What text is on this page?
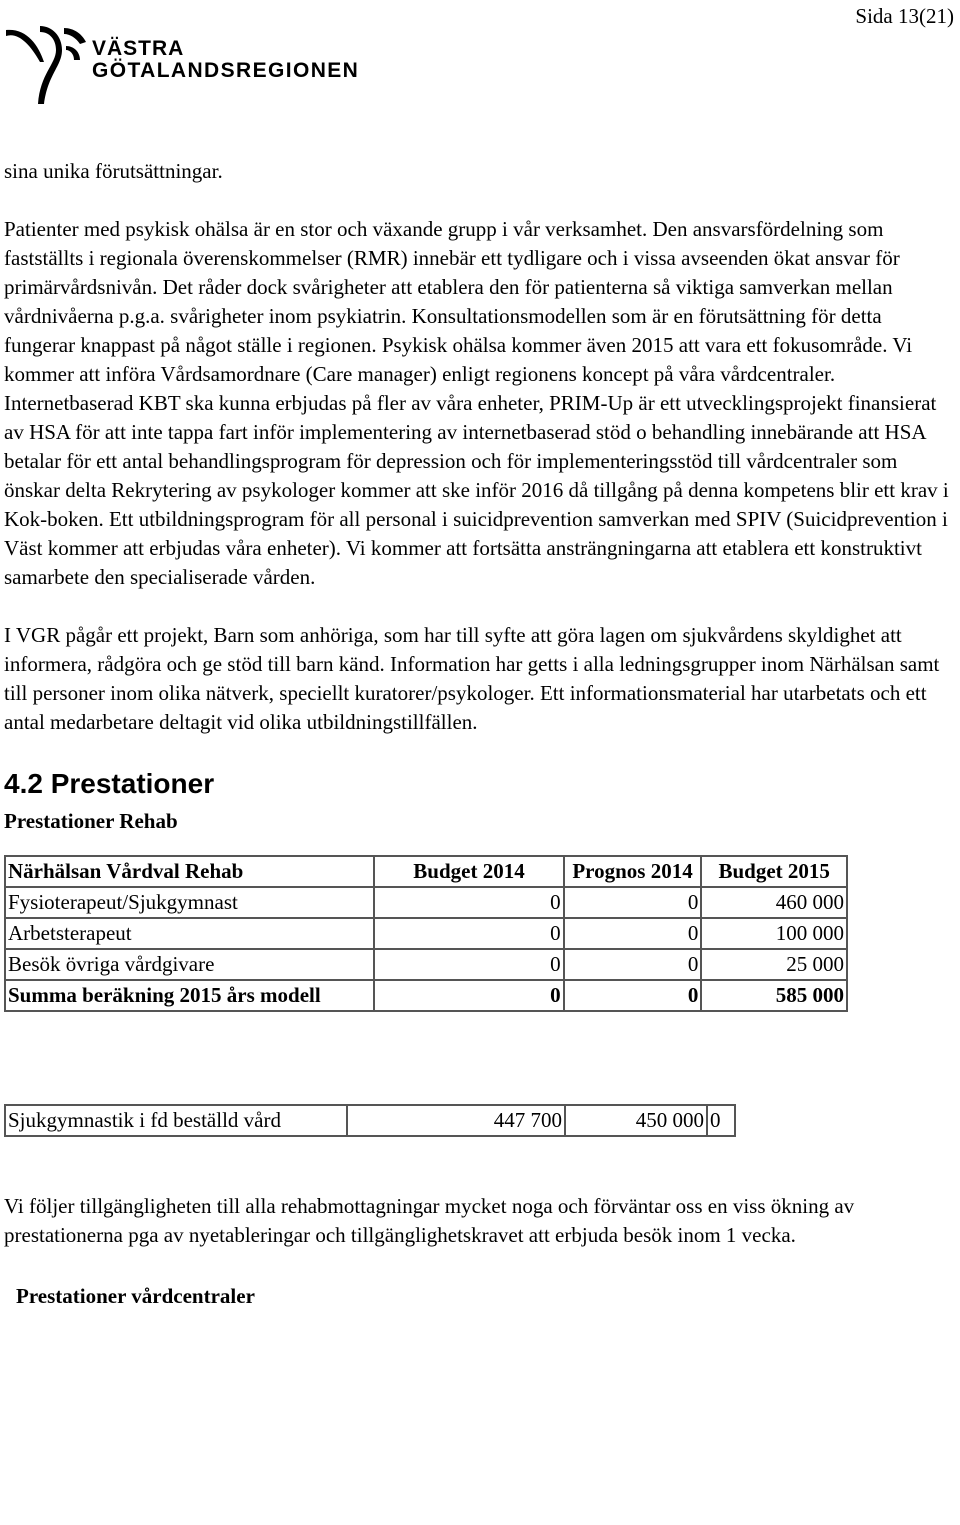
Sida 13(21)
VÄSTRA
GÖTALANDSREGIONEN

sina unika förutsättningar.

Patienter med psykisk ohälsa är en stor och växande grupp i vår verksamhet. Den ansvarsfördelning som fastställts i regionala överenskommelser (RMR) innebär ett tydligare och i vissa avseenden ökat ansvar för primärvårdsnivån. Det råder dock svårigheter att etablera den för patienterna så viktiga samverkan mellan vårdnivåerna p.g.a. svårigheter inom psykiatrin. Konsultationsmodellen som är en förutsättning för detta fungerar knappast på något ställe i regionen. Psykisk ohälsa kommer även 2015 att vara ett fokusområde. Vi kommer att införa Vårdsamordnare (Care manager) enligt regionens koncept på våra vårdcentraler. Internetbaserad KBT ska kunna erbjudas på fler av våra enheter, PRIM-Up är ett utvecklingsprojekt finansierat av HSA för att inte tappa fart inför implementering av internetbaserad stöd o behandling innebärande att HSA betalar för ett antal behandlingsprogram för depression och för implementeringsstöd till vårdcentraler som önskar delta Rekrytering av psykologer kommer att ske inför 2016 då tillgång på denna kompetens blir ett krav i Kok-boken. Ett utbildningsprogram för all personal i suicidprevention samverkan med SPIV (Suicidprevention i Väst kommer att erbjudas våra enheter). Vi kommer att fortsätta ansträngningarna att etablera ett konstruktivt samarbete den specialiserade vården.

I VGR pågår ett projekt, Barn som anhöriga, som har till syfte att göra lagen om sjukvårdens skyldighet att informera, rådgöra och ge stöd till barn känd. Information har getts i alla ledningsgrupper inom Närhälsan samt till personer inom olika nätverk, speciellt kuratorer/psykologer. Ett informationsmaterial har utarbetats och ett antal medarbetare deltagit vid olika utbildningstillfällen.

4.2 Prestationer
Prestationer Rehab
Närhälsan Vårdval Rehab	Budget 2014	Prognos 2014	Budget 2015
Fysioterapeut/Sjukgymnast	0	0	460 000
Arbetsterapeut	0	0	100 000
Besök övriga vårdgivare	0	0	25 000
Summa beräkning 2015 års modell	0	0	585 000
Sjukgymnastik i fd beställd vård	447 700	450 000	0

Vi följer tillgängligheten till alla rehabmottagningar mycket noga och förväntar oss en viss ökning av prestationerna pga av nyetableringar och tillgänglighetskravet att erbjuda besök inom 1 vecka.

Prestationer vårdcentraler
